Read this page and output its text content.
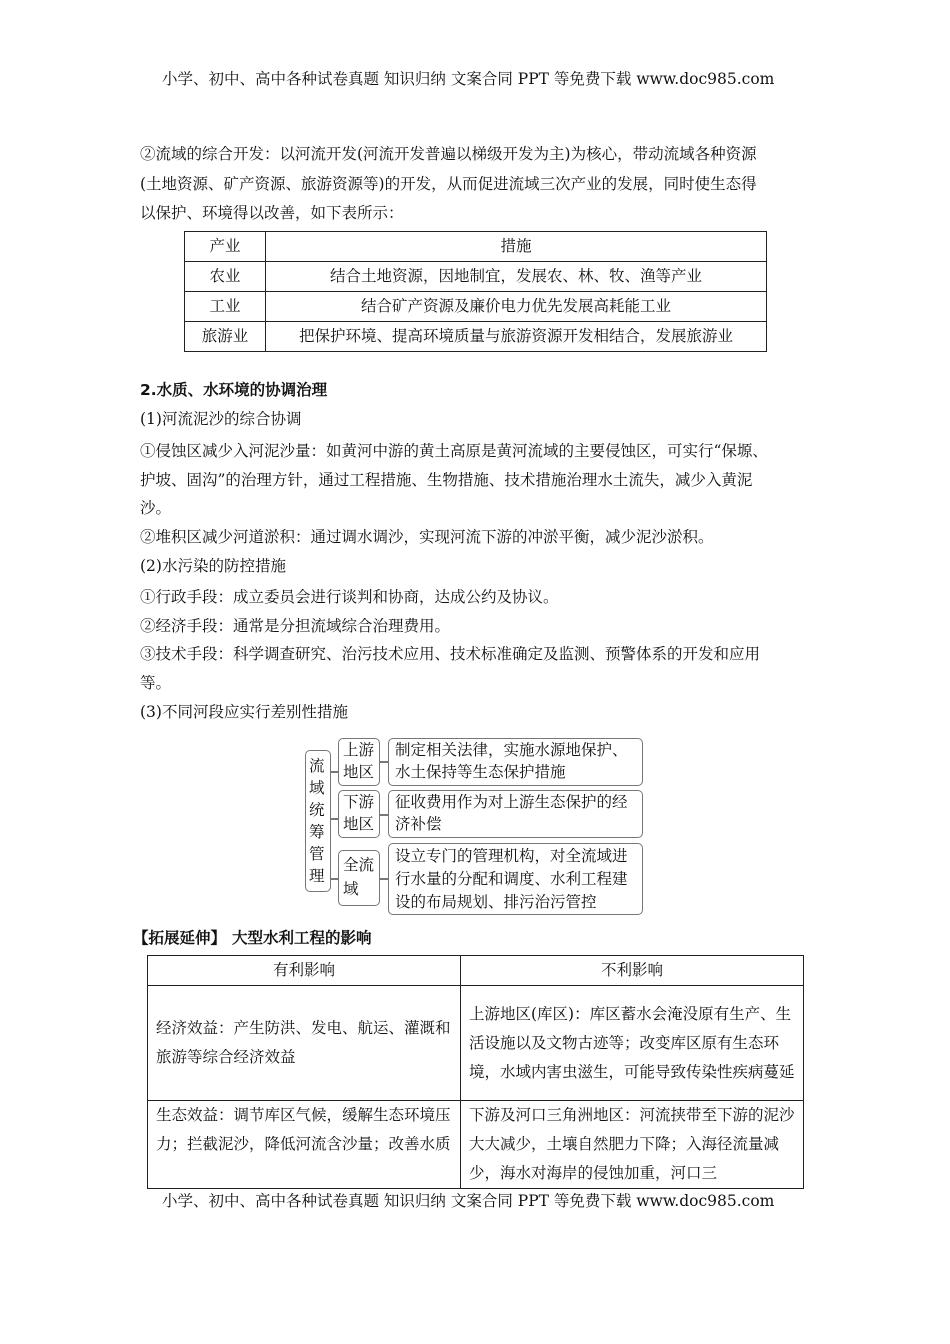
小学、初中、高中各种试卷真题 知识归纳 文案合同 PPT 等免费下载 www.doc985.com
②流域的综合开发：以河流开发(河流开发普遍以梯级开发为主)为核心，带动流域各种资源
(土地资源、矿产资源、旅游资源等)的开发，从而促进流域三次产业的发展，同时使生态得
以保护、环境得以改善，如下表所示：
产业	措施
农业	结合土地资源，因地制宜，发展农、林、牧、渔等产业
工业	结合矿产资源及廉价电力优先发展高耗能工业
旅游业	把保护环境、提高环境质量与旅游资源开发相结合，发展旅游业
2.水质、水环境的协调治理
(1)河流泥沙的综合协调
①侵蚀区减少入河泥沙量：如黄河中游的黄土高原是黄河流域的主要侵蚀区，可实行“保塬、
护坡、固沟”的治理方针，通过工程措施、生物措施、技术措施治理水土流失，减少入黄泥
沙。
②堆积区减少河道淤积：通过调水调沙，实现河流下游的冲淤平衡，减少泥沙淤积。
(2)水污染的防控措施
①行政手段：成立委员会进行谈判和协商，达成公约及协议。
②经济手段：通常是分担流域综合治理费用。
③技术手段：科学调查研究、治污技术应用、技术标准确定及监测、预警体系的开发和应用
等。
(3)不同河段应实行差别性措施
流域统筹管理
上游地区
下游地区
全流域
制定相关法律，实施水源地保护、水土保持等生态保护措施
征收费用作为对上游生态保护的经济补偿
设立专门的管理机构，对全流域进行水量的分配和调度、水利工程建设的布局规划、排污治污管控
【拓展延伸】 大型水利工程的影响
有利影响	不利影响
经济效益：产生防洪、发电、航运、灌溉和旅游等综合经济效益	上游地区(库区)：库区蓄水会淹没原有生产、生活设施以及文物古迹等；改变库区原有生态环境，水域内害虫滋生，可能导致传染性疾病蔓延
生态效益：调节库区气候，缓解生态环境压力；拦截泥沙，降低河流含沙量；改善水质	下游及河口三角洲地区：河流挟带至下游的泥沙大大减少，土壤自然肥力下降；入海径流量减少，海水对海岸的侵蚀加重，河口三
小学、初中、高中各种试卷真题 知识归纳 文案合同 PPT 等免费下载 www.doc985.com
